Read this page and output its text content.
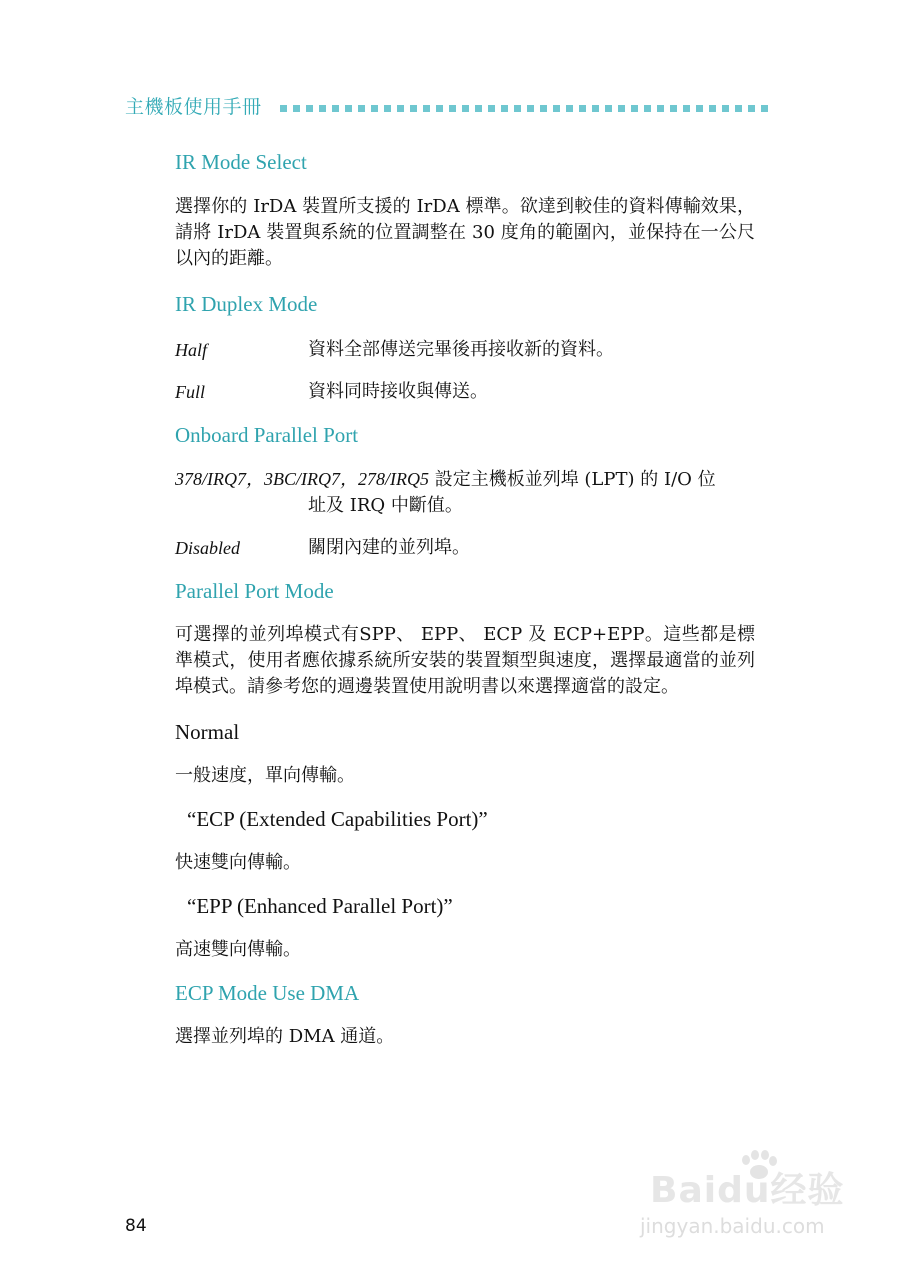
主機板使用手冊

IR Mode Select

選擇你的 IrDA 裝置所支援的 IrDA 標準。欲達到較佳的資料傳輸效果，請將 IrDA 裝置與系統的位置調整在 30 度角的範圍內，並保持在一公尺以內的距離。

IR Duplex Mode

Half	資料全部傳送完畢後再接收新的資料。
Full	資料同時接收與傳送。

Onboard Parallel Port

378/IRQ7，3BC/IRQ7，278/IRQ5 設定主機板並列埠 (LPT) 的 I/O 位
址及 IRQ 中斷值。
Disabled	關閉內建的並列埠。

Parallel Port Mode

可選擇的並列埠模式有SPP、 EPP、 ECP 及 ECP+EPP。這些都是標準模式，使用者應依據系統所安裝的裝置類型與速度，選擇最適當的並列埠模式。請參考您的週邊裝置使用說明書以來選擇適當的設定。

Normal

一般速度，單向傳輸。

“ECP (Extended Capabilities Port)”

快速雙向傳輸。

“EPP (Enhanced Parallel Port)”

高速雙向傳輸。

ECP Mode Use DMA

選擇並列埠的 DMA 通道。

84
Baidu经验
jingyan.baidu.com
